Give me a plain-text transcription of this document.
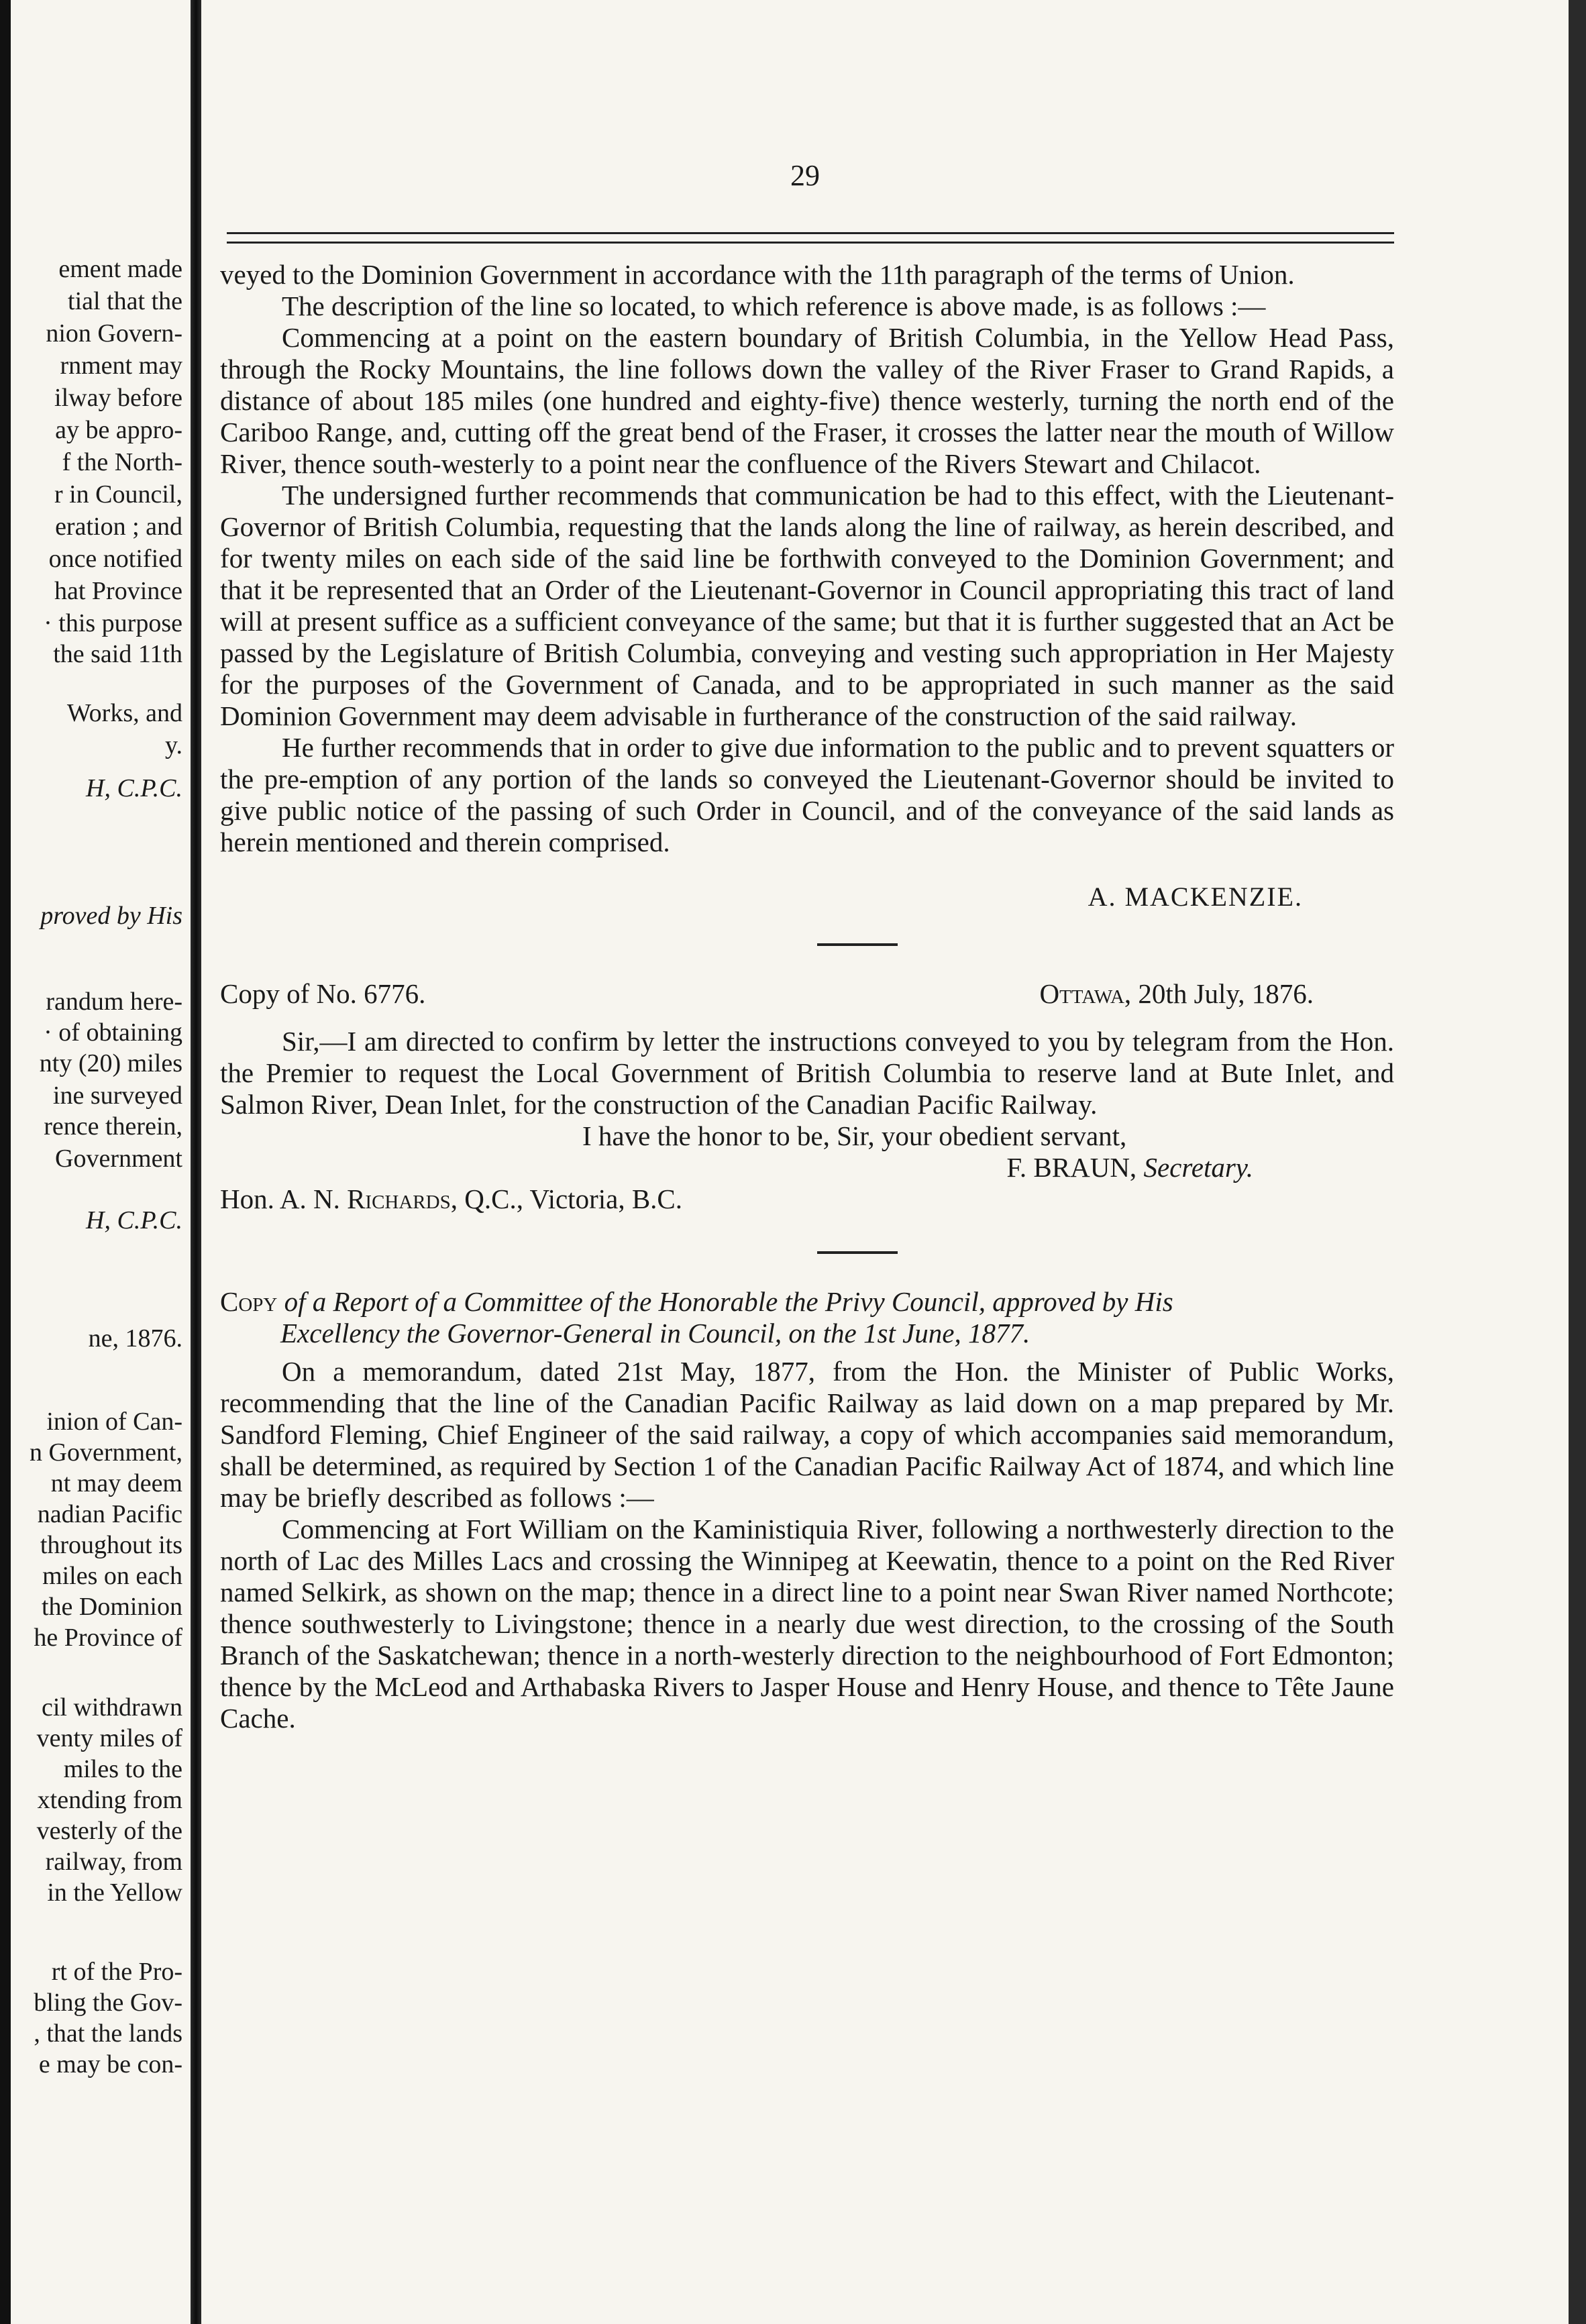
ement made
tial that the
nion Govern-
rnment may
ilway before
ay be appro-
f the North-
r in Council,
eration ; and
once notified
hat Province
· this purpose
the said 11th
Works, and
y.
H, C.P.C.
proved by His
randum here-
· of obtaining
nty (20) miles
ine surveyed
rence therein,
Government
H, C.P.C.
ne, 1876.
inion of Can-
n Government,
nt may deem
nadian Pacific
throughout its
miles on each
the Dominion
he Province of
cil withdrawn
venty miles of
miles to the
xtending from
vesterly of the
railway, from
in the Yellow
rt of the Pro-
bling the Gov-
, that the lands
e may be con-
29

veyed to the Dominion Government in accordance with the 11th paragraph of the terms of Union.

The description of the line so located, to which reference is above made, is as follows :—

Commencing at a point on the eastern boundary of British Columbia, in the Yellow Head Pass, through the Rocky Mountains, the line follows down the valley of the River Fraser to Grand Rapids, a distance of about 185 miles (one hundred and eighty-five) thence westerly, turning the north end of the Cariboo Range, and, cutting off the great bend of the Fraser, it crosses the latter near the mouth of Willow River, thence south-westerly to a point near the confluence of the Rivers Stewart and Chilacot.

The undersigned further recommends that communication be had to this effect, with the Lieutenant-Governor of British Columbia, requesting that the lands along the line of railway, as herein described, and for twenty miles on each side of the said line be forthwith conveyed to the Dominion Government; and that it be represented that an Order of the Lieutenant-Governor in Council appropriating this tract of land will at present suffice as a sufficient conveyance of the same; but that it is further suggested that an Act be passed by the Legislature of British Columbia, conveying and vesting such appropriation in Her Majesty for the purposes of the Government of Canada, and to be appropriated in such manner as the said Dominion Government may deem advisable in furtherance of the construction of the said railway.

He further recommends that in order to give due information to the public and to prevent squatters or the pre-emption of any portion of the lands so conveyed the Lieutenant-Governor should be invited to give public notice of the passing of such Order in Council, and of the conveyance of the said lands as herein mentioned and therein comprised.

A. MACKENZIE.
Copy of No. 6776.	Ottawa, 20th July, 1876.

Sir,—I am directed to confirm by letter the instructions conveyed to you by telegram from the Hon. the Premier to request the Local Government of British Columbia to reserve land at Bute Inlet, and Salmon River, Dean Inlet, for the construction of the Canadian Pacific Railway.

I have the honor to be, Sir, your obedient servant,

F. BRAUN, Secretary.

Hon. A. N. Richards, Q.C., Victoria, B.C.

Copy of a Report of a Committee of the Honorable the Privy Council, approved by His

Excellency the Governor-General in Council, on the 1st June, 1877.

On a memorandum, dated 21st May, 1877, from the Hon. the Minister of Public Works, recommending that the line of the Canadian Pacific Railway as laid down on a map prepared by Mr. Sandford Fleming, Chief Engineer of the said railway, a copy of which accompanies said memorandum, shall be determined, as required by Section 1 of the Canadian Pacific Railway Act of 1874, and which line may be briefly described as follows :—

Commencing at Fort William on the Kaministiquia River, following a northwesterly direction to the north of Lac des Milles Lacs and crossing the Winnipeg at Keewatin, thence to a point on the Red River named Selkirk, as shown on the map; thence in a direct line to a point near Swan River named Northcote; thence southwesterly to Livingstone; thence in a nearly due west direction, to the crossing of the South Branch of the Saskatchewan; thence in a north-westerly direction to the neighbourhood of Fort Edmonton; thence by the McLeod and Arthabaska Rivers to Jasper House and Henry House, and thence to Tête Jaune Cache.
